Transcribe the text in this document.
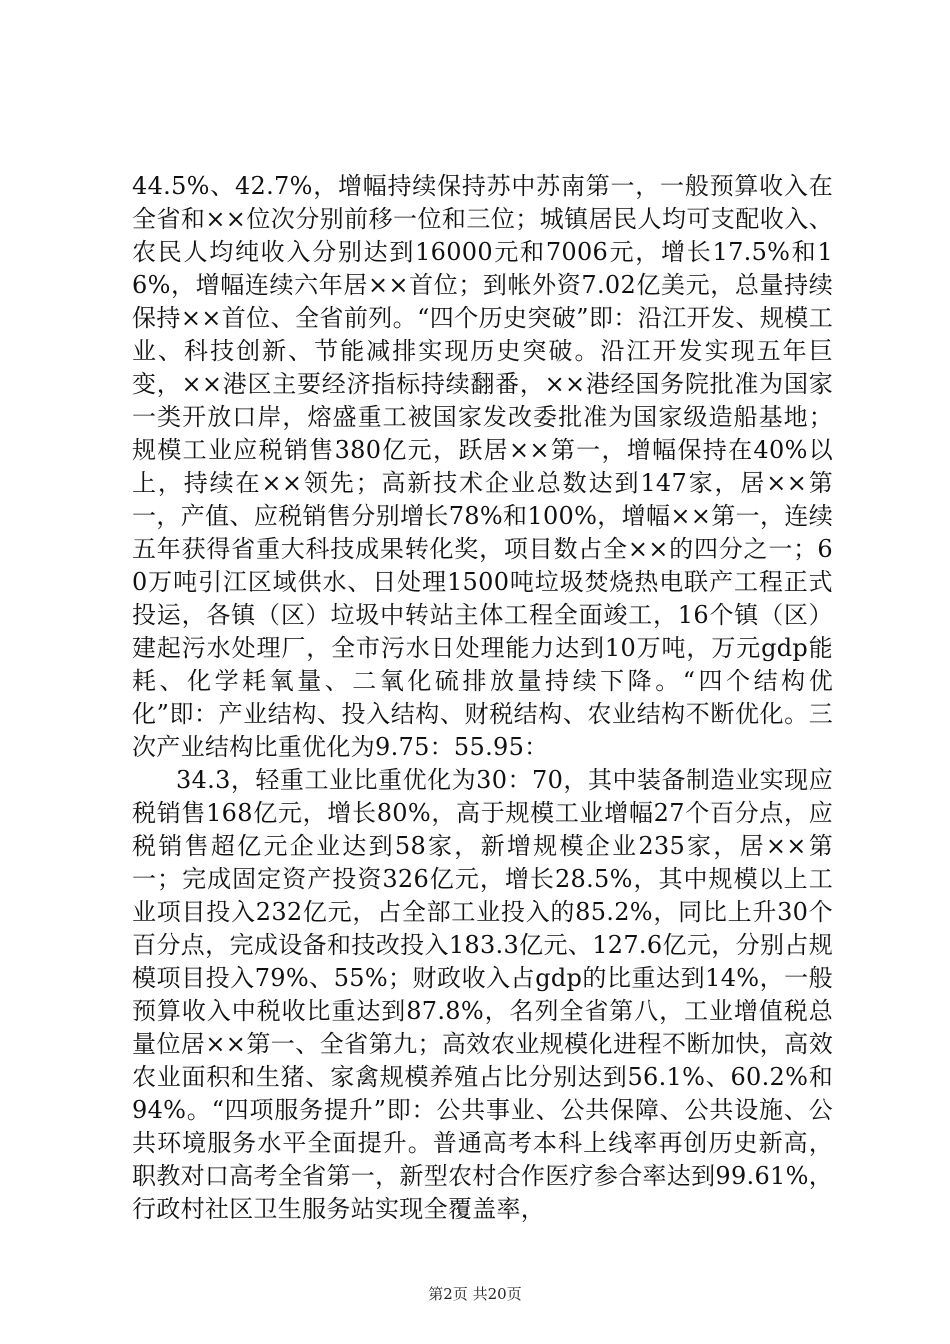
44.5%、42.7%，增幅持续保持苏中苏南第一，一般预算收入在全省和××位次分别前移一位和三位；城镇居民人均可支配收入、农民人均纯收入分别达到16000元和7006元，增长17.5%和16%，增幅连续六年居××首位；到帐外资7.02亿美元，总量持续保持××首位、全省前列。“四个历史突破”即：沿江开发、规模工业、科技创新、节能减排实现历史突破。沿江开发实现五年巨变，××港区主要经济指标持续翻番，××港经国务院批准为国家一类开放口岸，熔盛重工被国家发改委批准为国家级造船基地；规模工业应税销售380亿元，跃居××第一，增幅保持在40%以上，持续在××领先；高新技术企业总数达到147家，居××第一，产值、应税销售分别增长78%和100%，增幅××第一，连续五年获得省重大科技成果转化奖，项目数占全××的四分之一；60万吨引江区域供水、日处理1500吨垃圾焚烧热电联产工程正式投运，各镇（区）垃圾中转站主体工程全面竣工，16个镇（区）建起污水处理厂，全市污水日处理能力达到10万吨，万元gdp能耗、化学耗氧量、二氧化硫排放量持续下降。“四个结构优化”即：产业结构、投入结构、财税结构、农业结构不断优化。三次产业结构比重优化为9.75：55.95：

34.3，轻重工业比重优化为30：70，其中装备制造业实现应税销售168亿元，增长80%，高于规模工业增幅27个百分点，应税销售超亿元企业达到58家，新增规模企业235家，居××第一；完成固定资产投资326亿元，增长28.5%，其中规模以上工业项目投入232亿元，占全部工业投入的85.2%，同比上升30个百分点，完成设备和技改投入183.3亿元、127.6亿元，分别占规模项目投入79%、55%；财政收入占gdp的比重达到14%，一般预算收入中税收比重达到87.8%，名列全省第八，工业增值税总量位居××第一、全省第九；高效农业规模化进程不断加快，高效农业面积和生猪、家禽规模养殖占比分别达到56.1%、60.2%和94%。“四项服务提升”即：公共事业、公共保障、公共设施、公共环境服务水平全面提升。普通高考本科上线率再创历史新高，职教对口高考全省第一，新型农村合作医疗参合率达到99.61%，行政村社区卫生服务站实现全覆盖率，

第2页 共20页
